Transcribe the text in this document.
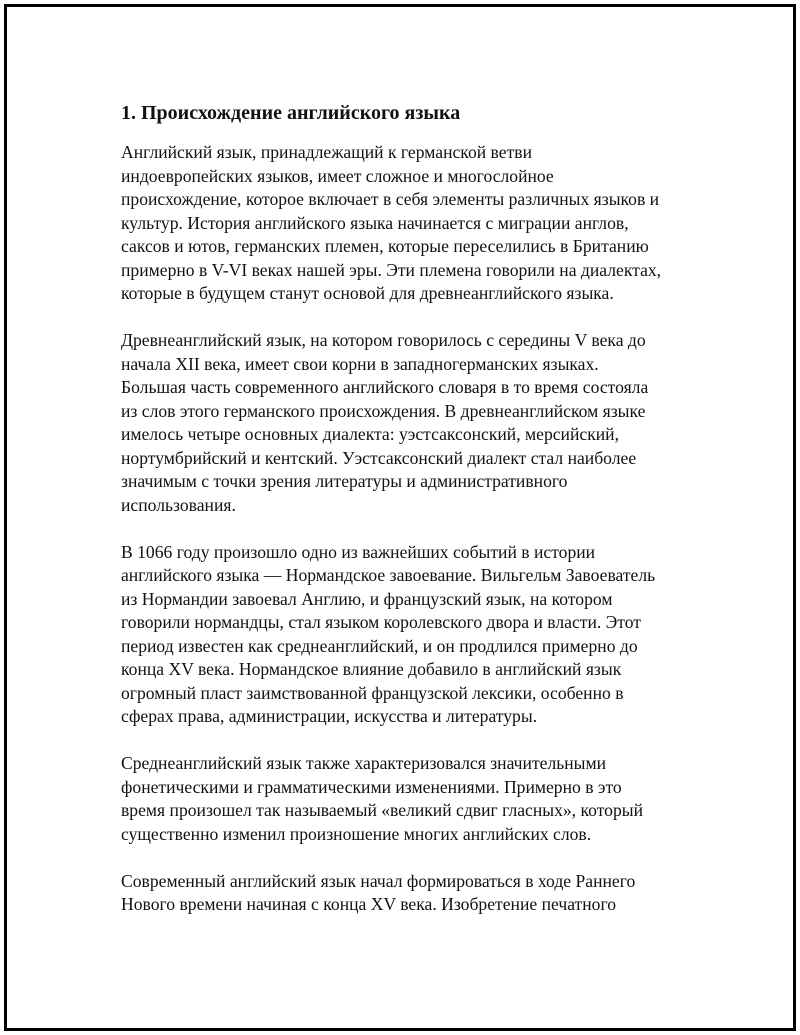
1. Происхождение английского языка

Английский язык, принадлежащий к германской ветви
индоевропейских языков, имеет сложное и многослойное
происхождение, которое включает в себя элементы различных языков и
культур. История английского языка начинается с миграции англов,
саксов и ютов, германских племен, которые переселились в Британию
примерно в V-VI веках нашей эры. Эти племена говорили на диалектах,
которые в будущем станут основой для древнеанглийского языка.

Древнеанглийский язык, на котором говорилось с середины V века до
начала XII века, имеет свои корни в западногерманских языках.
Большая часть современного английского словаря в то время состояла
из слов этого германского происхождения. В древнеанглийском языке
имелось четыре основных диалекта: уэстсаксонский, мерсийский,
нортумбрийский и кентский. Уэстсаксонский диалект стал наиболее
значимым с точки зрения литературы и административного
использования.

В 1066 году произошло одно из важнейших событий в истории
английского языка — Нормандское завоевание. Вильгельм Завоеватель
из Нормандии завоевал Англию, и французский язык, на котором
говорили нормандцы, стал языком королевского двора и власти. Этот
период известен как среднеанглийский, и он продлился примерно до
конца XV века. Нормандское влияние добавило в английский язык
огромный пласт заимствованной французской лексики, особенно в
сферах права, администрации, искусства и литературы.

Среднеанглийский язык также характеризовался значительными
фонетическими и грамматическими изменениями. Примерно в это
время произошел так называемый «великий сдвиг гласных», который
существенно изменил произношение многих английских слов.

Современный английский язык начал формироваться в ходе Раннего
Нового времени начиная с конца XV века. Изобретение печатного
